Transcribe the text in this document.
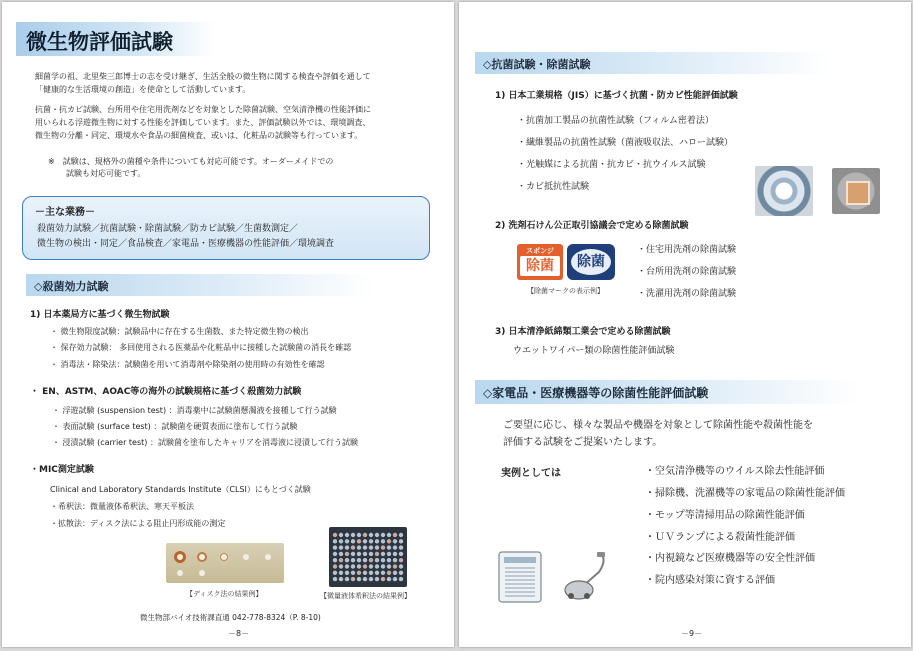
微生物評価試験
細菌学の祖、北里柴三郎博士の志を受け継ぎ、生活全般の微生物に関する検査や評価を通して
「健康的な生活環境の創造」を使命として活動しています。
抗菌・抗カビ試験、台所用や住宅用洗剤などを対象とした除菌試験、空気清浄機の性能評価に
用いられる浮遊微生物に対する性能を評価しています。また、評価試験以外では、環境調査、
微生物の分離・同定、環境水や食品の細菌検査、或いは、化粧品の試験等も行っています。
※　試験は、規格外の菌種や条件についても対応可能です。オーダーメイドでの
試験も対応可能です。
－主な業務－
殺菌効力試験／抗菌試験・除菌試験／防カビ試験／生菌数測定／
微生物の検出・同定／食品検査／家電品・医療機器の性能評価／環境調査
◇殺菌効力試験
1) 日本薬局方に基づく微生物試験
・ 微生物限度試験：試験品中に存在する生菌数、また特定微生物の検出
・ 保存効力試験： 多回使用される医薬品や化粧品中に接種した試験菌の消長を確認
・ 消毒法・除染法：試験菌を用いて消毒剤や除染剤の使用時の有効性を確認
・ EN、ASTM、AOAC等の海外の試験規格に基づく殺菌効力試験
・ 浮遊試験 (suspension test) ：消毒薬中に試験菌懸濁液を接種して行う試験
・ 表面試験 (surface test) ：試験菌を硬質表面に塗布して行う試験
・ 浸漬試験 (carrier test) ：試験菌を塗布したキャリアを消毒液に浸漬して行う試験
・MIC測定試験
Clinical and Laboratory Standards Institute（CLSI）にもとづく試験
・希釈法：微量液体希釈法、寒天平板法
・拡散法：ディスク法による阻止円形成能の測定
【ディスク法の結果例】	【微量液体希釈法の結果例】
微生物部バイオ技術課直通 042-778-8324（P. 8-10)
－8－
◇抗菌試験・除菌試験
1) 日本工業規格（JIS）に基づく抗菌・防カビ性能評価試験
・抗菌加工製品の抗菌性試験（フィルム密着法）
・繊維製品の抗菌性試験（菌液吸収法、ハロー試験）
・光触媒による抗菌・抗カビ・抗ウイルス試験
・カビ抵抗性試験
2) 洗剤石けん公正取引協議会で定める除菌試験
スポンジ
除菌	除菌
【除菌マークの表示例】
・住宅用洗剤の除菌試験
・台所用洗剤の除菌試験
・洗濯用洗剤の除菌試験
3) 日本清浄紙綿類工業会で定める除菌試験
ウエットワイパー類の除菌性能評価試験
◇家電品・医療機器等の除菌性能評価試験
ご要望に応じ、様々な製品や機器を対象として除菌性能や殺菌性能を
評価する試験をご提案いたします。
実例としては	・空気清浄機等のウイルス除去性能評価
・掃除機、洗濯機等の家電品の除菌性能評価
・モップ等清掃用品の除菌性能評価
・ＵＶランプによる殺菌性能評価
・内視鏡など医療機器等の安全性評価
・院内感染対策に資する評価
－9－
